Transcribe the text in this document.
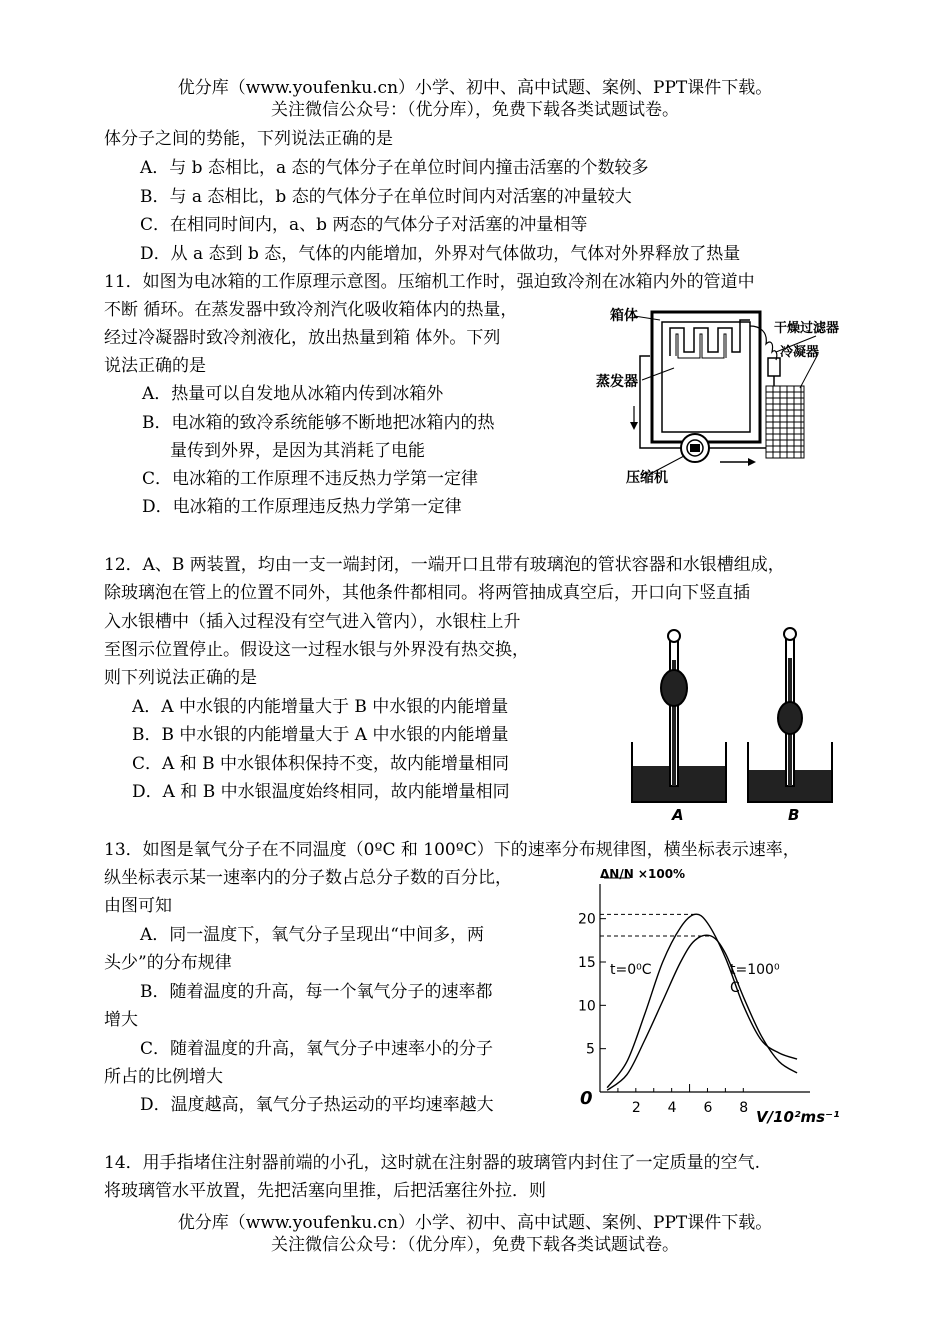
优分库（www.youfenku.cn）小学、初中、高中试题、案例、PPT课件下载。
关注微信公众号：（优分库），免费下载各类试题试卷。
体分子之间的势能，下列说法正确的是
A．与 b 态相比，a 态的气体分子在单位时间内撞击活塞的个数较多
B．与 a 态相比，b 态的气体分子在单位时间内对活塞的冲量较大
C．在相同时间内，a、b 两态的气体分子对活塞的冲量相等
D．从 a 态到 b 态，气体的内能增加，外界对气体做功，气体对外界释放了热量
11．如图为电冰箱的工作原理示意图。压缩机工作时，强迫致冷剂在冰箱内外的管道中
不断 循环。在蒸发器中致冷剂汽化吸收箱体内的热量，
经过冷凝器时致冷剂液化，放出热量到箱 体外。下列
说法正确的是
A．热量可以自发地从冰箱内传到冰箱外
B．电冰箱的致冷系统能够不断地把冰箱内的热
量传到外界，是因为其消耗了电能
C．电冰箱的工作原理不违反热力学第一定律
D．电冰箱的工作原理违反热力学第一定律
箱体
干燥过滤器
冷凝器
蒸发器
压缩机
12．A、B 两装置，均由一支一端封闭，一端开口且带有玻璃泡的管状容器和水银槽组成，
除玻璃泡在管上的位置不同外，其他条件都相同。将两管抽成真空后，开口向下竖直插
入水银槽中（插入过程没有空气进入管内），水银柱上升
至图示位置停止。假设这一过程水银与外界没有热交换，
则下列说法正确的是
A．A 中水银的内能增量大于 B 中水银的内能增量
B．B 中水银的内能增量大于 A 中水银的内能增量
C．A 和 B 中水银体积保持不变，故内能增量相同
D．A 和 B 中水银温度始终相同，故内能增量相同
A	B
13．如图是氧气分子在不同温度（0ºC 和 100ºC）下的速率分布规律图，横坐标表示速率，
纵坐标表示某一速率内的分子数占总分子数的百分比，
由图可知
A．同一温度下，氧气分子呈现出“中间多，两
头少”的分布规律
B．随着温度的升高，每一个氧气分子的速率都
增大
C．随着温度的升高，氧气分子中速率小的分子
所占的比例增大
D．温度越高，氧气分子热运动的平均速率越大
ΔN/N ×100%
V/10²ms⁻¹
0	2 4 6 8
5
10
15
20
t=0⁰C	t=100⁰
C
14．用手指堵住注射器前端的小孔，这时就在注射器的玻璃管内封住了一定质量的空气.
将玻璃管水平放置，先把活塞向里推，后把活塞往外拉．则
优分库（www.youfenku.cn）小学、初中、高中试题、案例、PPT课件下载。
关注微信公众号：（优分库），免费下载各类试题试卷。
